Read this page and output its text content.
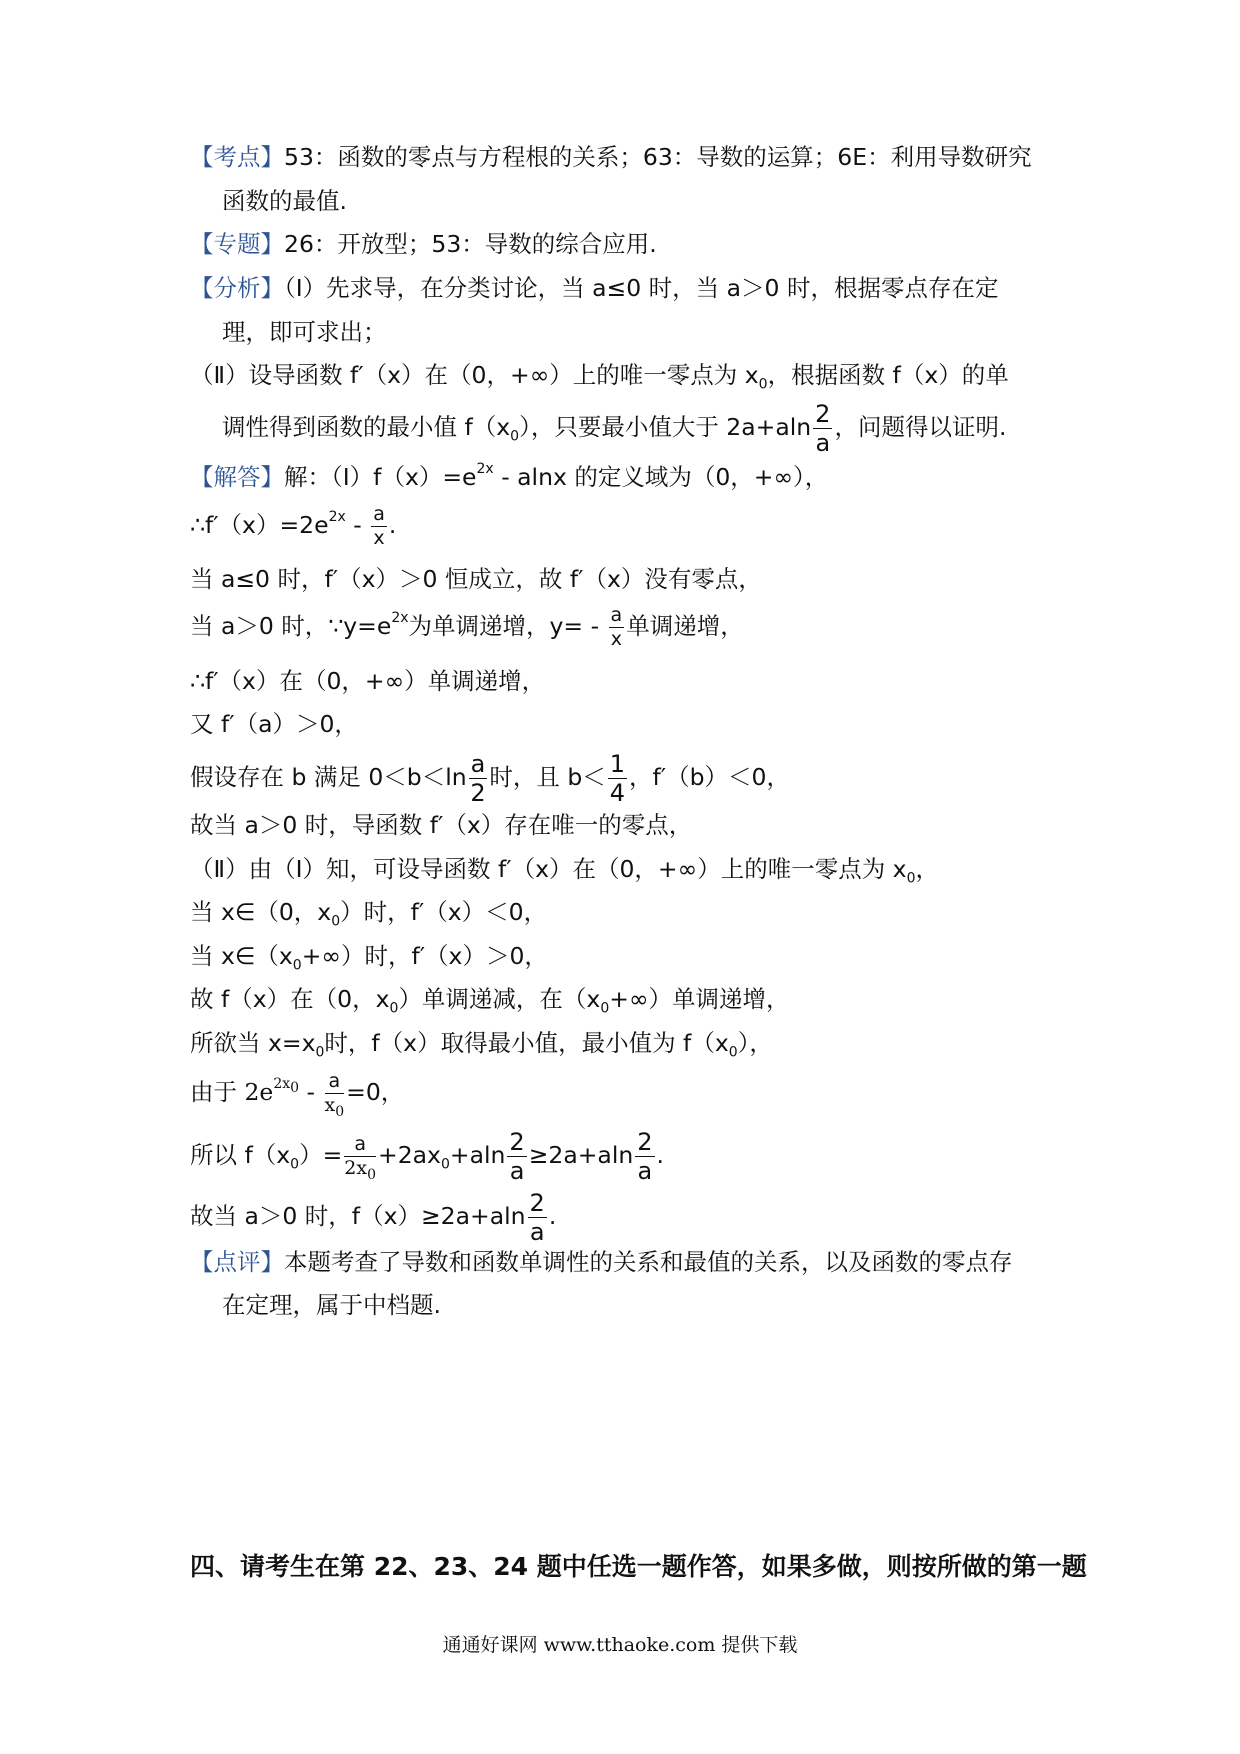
【考点】53：函数的零点与方程根的关系；63：导数的运算；6E：利用导数研究
函数的最值.
【专题】26：开放型；53：导数的综合应用.
【分析】（Ⅰ）先求导，在分类讨论，当 a≤0 时，当 a＞0 时，根据零点存在定
理，即可求出；
（Ⅱ）设导函数 f′（x）在（0，+∞）上的唯一零点为 $x_0$，根据函数 f（x）的单
调性得到函数的最小值 $f(x_0)$，只要最小值大于 $2a+aln \frac{2}{a}$ ，问题得以证明.
【解答】解：$(Ⅰ)f(x)=e^{2x} - alnx$ 的定义域为（0，+∞），
$\therefore f'(x)=2e^{2x} - \frac{a}{x}$ .
当 a≤0 时，f′（x）＞0 恒成立，故 f′（x）没有零点，
当 a＞0 时，$\because y=e^{2x}$为单调递增，$y= - \frac{a}{x}$ 单调递增，
∴f′（x）在（0，+∞）单调递增，
又 f′（a）＞0，
假设存在 b 满足 $0<b<\ln \frac{a}{2}$ 时，且 $b< \frac{1}{4}$ ，f′（b）＜0，
故当 a＞0 时，导函数 f′（x）存在唯一的零点，
（Ⅱ）由（Ⅰ）知，可设导函数 f′（x）在（0，+∞）上的唯一零点为 $x_0$，
当 x∈（0，$x_0$）时，f′（x）＜0，
当 $x\in(x_0+\infty)$时，f′（x）＞0，
故 f（x）在（0，$x_0$）单调递减，在$(x_0+\infty)$单调递增，
所欲当 $x=x_0$时，f（x）取得最小值，最小值为 $f(x_0)$，
由于 $2e^{2x_0} - \frac{a}{x_0} =0$，
所以 $f(x_0)= \frac{a}{2x_0} +2ax_0+aln \frac{2}{a} \ge 2a+aln \frac{2}{a}$ .
故当 a＞0 时，$f(x)\ge 2a+aln \frac{2}{a}$ .
【点评】本题考查了导数和函数单调性的关系和最值的关系，以及函数的零点存
在定理，属于中档题.
四、请考生在第 22、23、24 题中任选一题作答，如果多做，则按所做的第一题
通通好课网 www.tthaoke.com 提供下载
